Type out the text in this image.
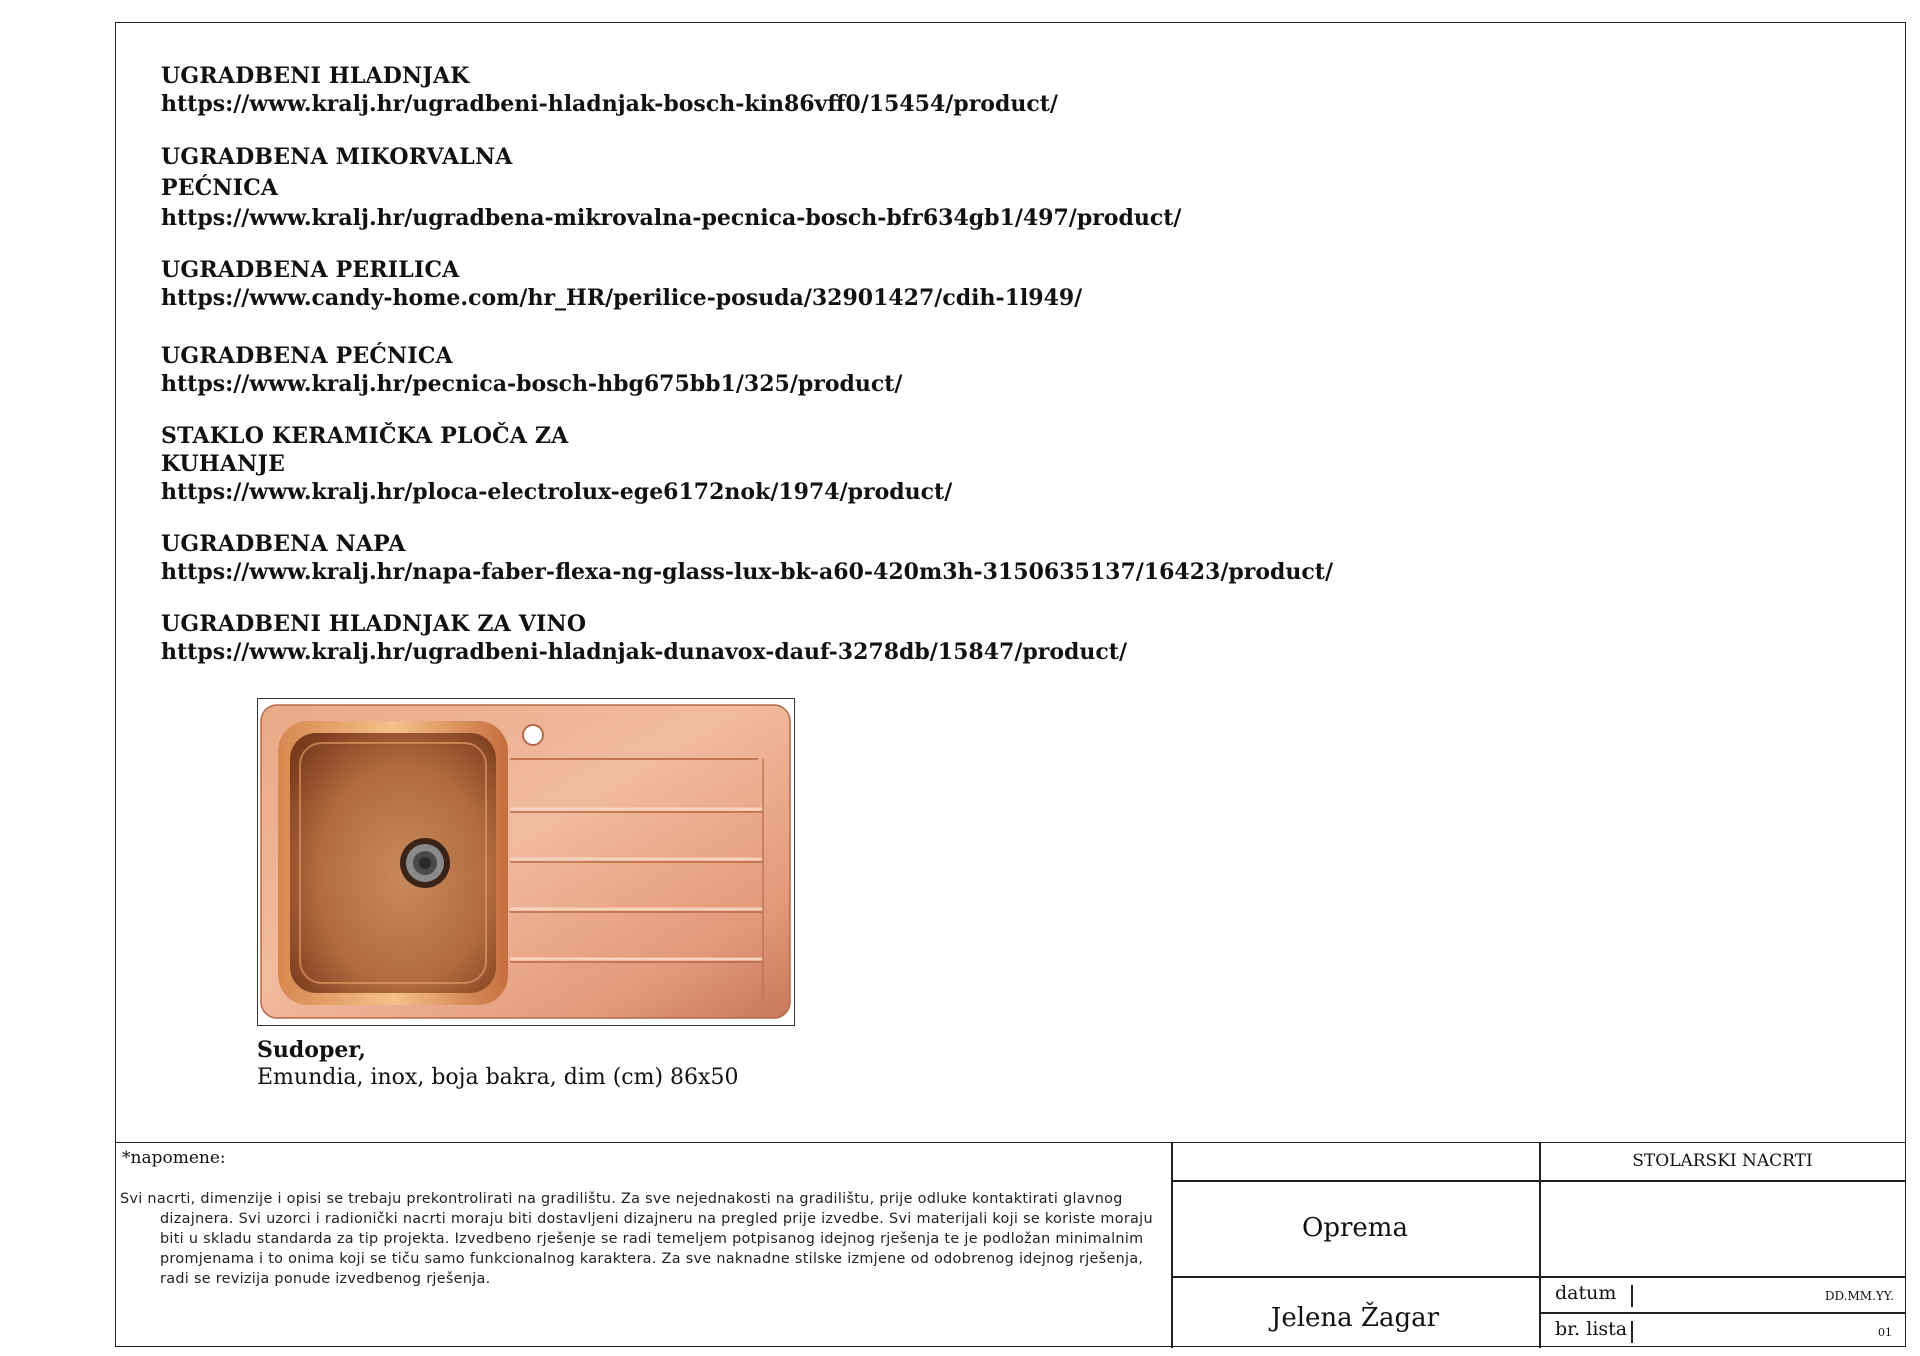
UGRADBENI HLADNJAK
https://www.kralj.hr/ugradbeni-hladnjak-bosch-kin86vff0/15454/product/
UGRADBENA MIKORVALNA
PEĆNICA
https://www.kralj.hr/ugradbena-mikrovalna-pecnica-bosch-bfr634gb1/497/product/
UGRADBENA PERILICA
https://www.candy-home.com/hr_HR/perilice-posuda/32901427/cdih-1l949/
UGRADBENA PEĆNICA
https://www.kralj.hr/pecnica-bosch-hbg675bb1/325/product/
STAKLO KERAMIČKA PLOČA ZA
KUHANJE
https://www.kralj.hr/ploca-electrolux-ege6172nok/1974/product/
UGRADBENA NAPA
https://www.kralj.hr/napa-faber-flexa-ng-glass-lux-bk-a60-420m3h-3150635137/16423/product/
UGRADBENI HLADNJAK ZA VINO
https://www.kralj.hr/ugradbeni-hladnjak-dunavox-dauf-3278db/15847/product/
Sudoper,
Emundia, inox, boja bakra, dim (cm) 86x50
*napomene:
Svi nacrti, dimenzije i opisi se trebaju prekontrolirati na gradilištu. Za sve nejednakosti na gradilištu, prije odluke kontaktirati glavnog dizajnera. Svi uzorci i radionički nacrti moraju biti dostavljeni dizajneru na pregled prije izvedbe. Svi materijali koji se koriste moraju biti u skladu standarda za tip projekta. Izvedbeno rješenje se radi temeljem potpisanog idejnog rješenja te je podložan minimalnim promjenama i to onima koji se tiču samo funkcionalnog karaktera. Za sve naknadne stilske izmjene od odobrenog idejnog rješenja, radi se revizija ponude izvedbenog rješenja.
STOLARSKI NACRTI
Oprema
Jelena Žagar
datum	DD.MM.YY.
br. lista	01
